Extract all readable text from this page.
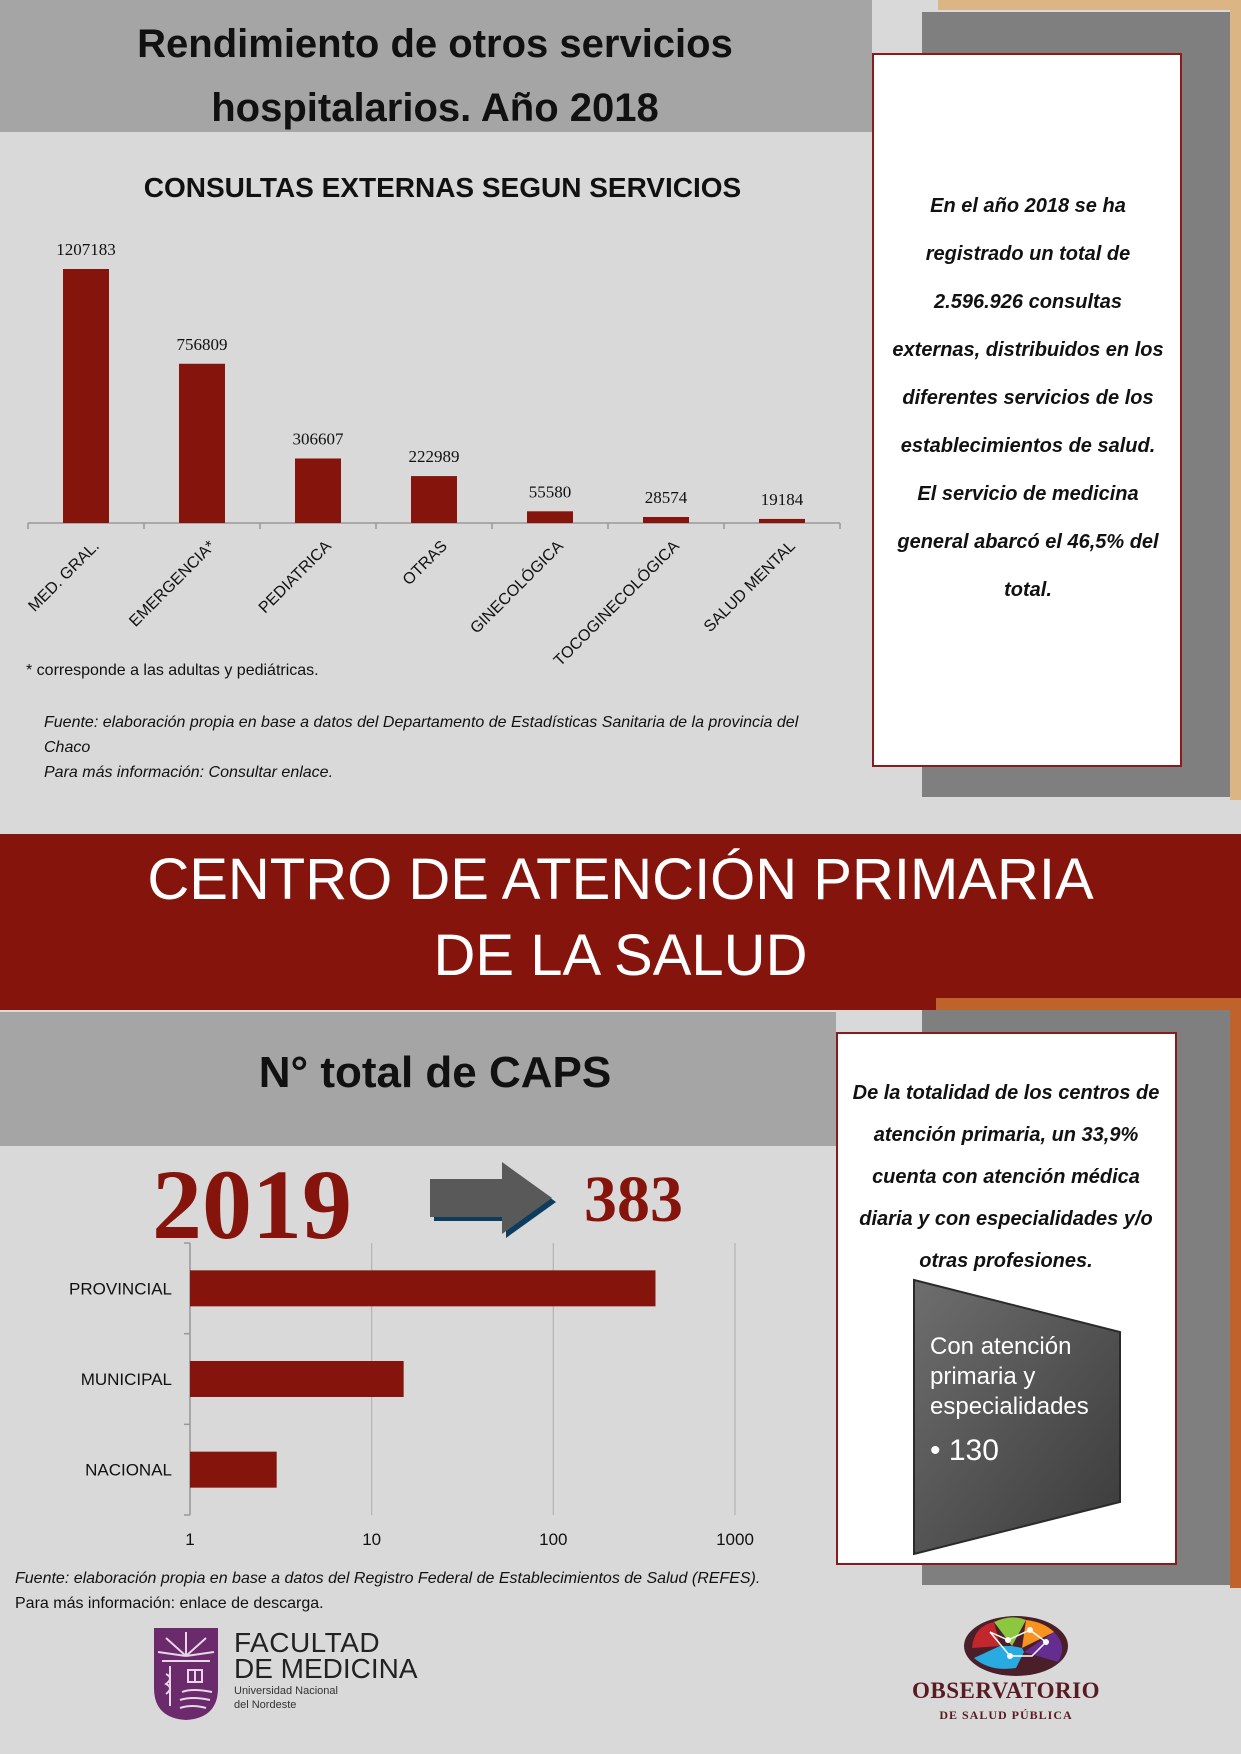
Rendimiento de otros servicios hospitalarios. Año 2018
En el año 2018 se ha registrado un total de 2.596.926 consultas externas, distribuidos en los diferentes servicios de los establecimientos de salud. El servicio de medicina general abarcó el 46,5% del total.
CONSULTAS EXTERNAS SEGUN SERVICIOS
1207183
MED. GRAL.
756809
EMERGENCIA*
306607
PEDIATRICA
222989
OTRAS
55580
GINECOLÓGICA
28574
TOCOGINECOLÓGICA
19184
SALUD MENTAL
* corresponde a las adultas y pediátricas.
Fuente: elaboración propia en base a datos del Departamento de Estadísticas Sanitaria de la provincia del Chaco
Para más información: Consultar enlace.
CENTRO DE ATENCIÓN PRIMARIA
DE LA SALUD
N° total de CAPS
2019	383
1	10	100	1000
PROVINCIAL
MUNICIPAL
NACIONAL
Fuente: elaboración propia en base a datos del Registro Federal de Establecimientos de Salud (REFES).
Para más información: enlace de descarga.
De la totalidad de los centros de atención primaria, un 33,9% cuenta con atención médica diaria y con especialidades y/o otras profesiones.
Con atención primaria y especialidades
• 130
FACULTAD
DE MEDICINA
Universidad Nacional
del Nordeste
OBSERVATORIO
DE SALUD PÚBLICA
